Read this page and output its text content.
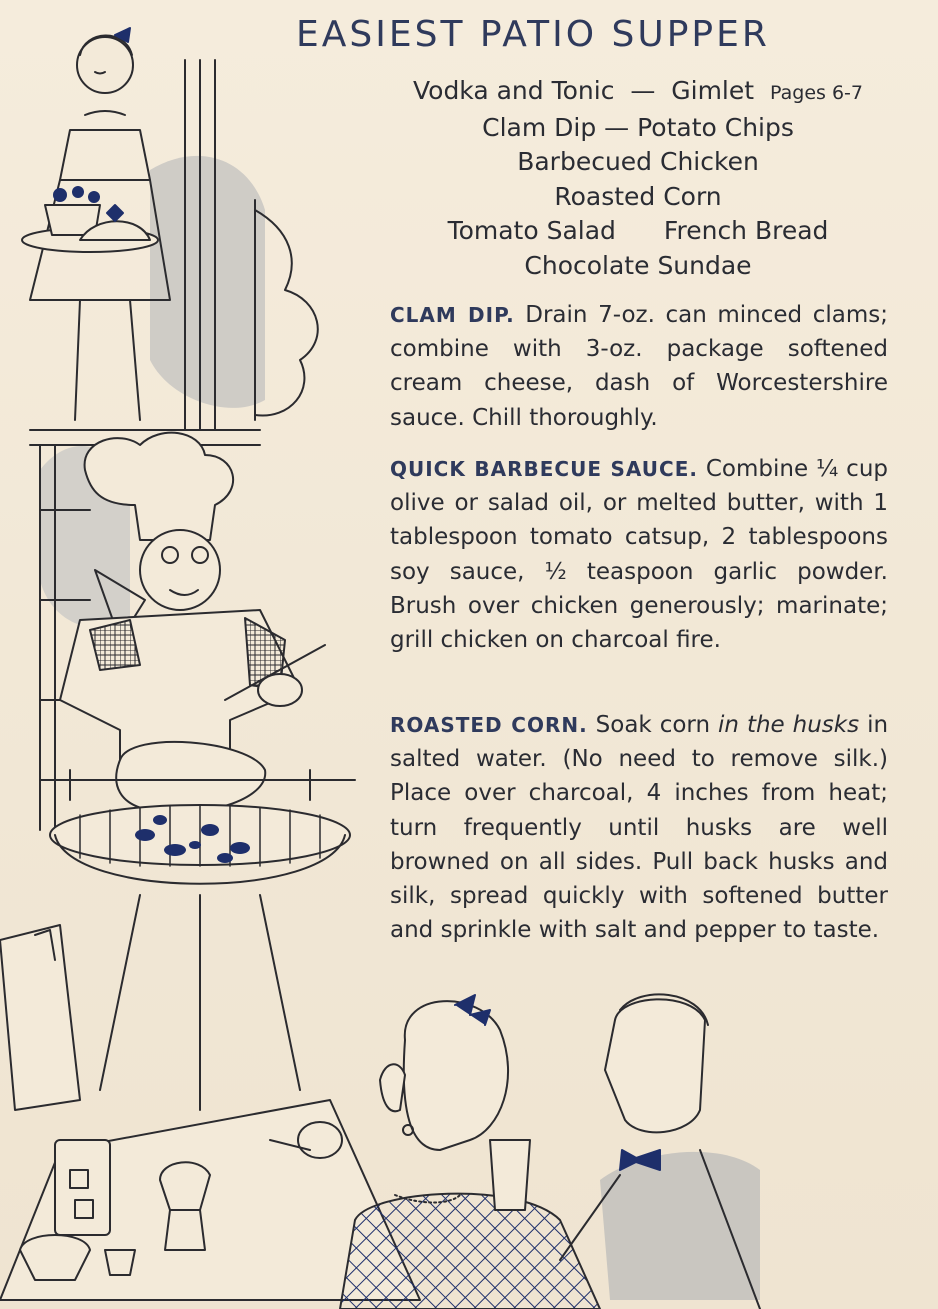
EASIEST PATIO SUPPER
Vodka and Tonic — Gimlet Pages 6-7
Clam Dip — Potato Chips
Barbecued Chicken
Roasted Corn
Tomato Salad French Bread
Chocolate Sundae
CLAM DIP. Drain 7-oz. can minced clams; combine with 3-oz. package softened cream cheese, dash of Worcestershire sauce. Chill thoroughly.
QUICK BARBECUE SAUCE. Combine ¼ cup olive or salad oil, or melted butter, with 1 tablespoon tomato catsup, 2 tablespoons soy sauce, ½ teaspoon garlic powder. Brush over chicken generously; marinate; grill chicken on charcoal fire.
ROASTED CORN. Soak corn in the husks in salted water. (No need to remove silk.) Place over charcoal, 4 inches from heat; turn frequently until husks are well browned on all sides. Pull back husks and silk, spread quickly with softened butter and sprinkle with salt and pepper to taste.
